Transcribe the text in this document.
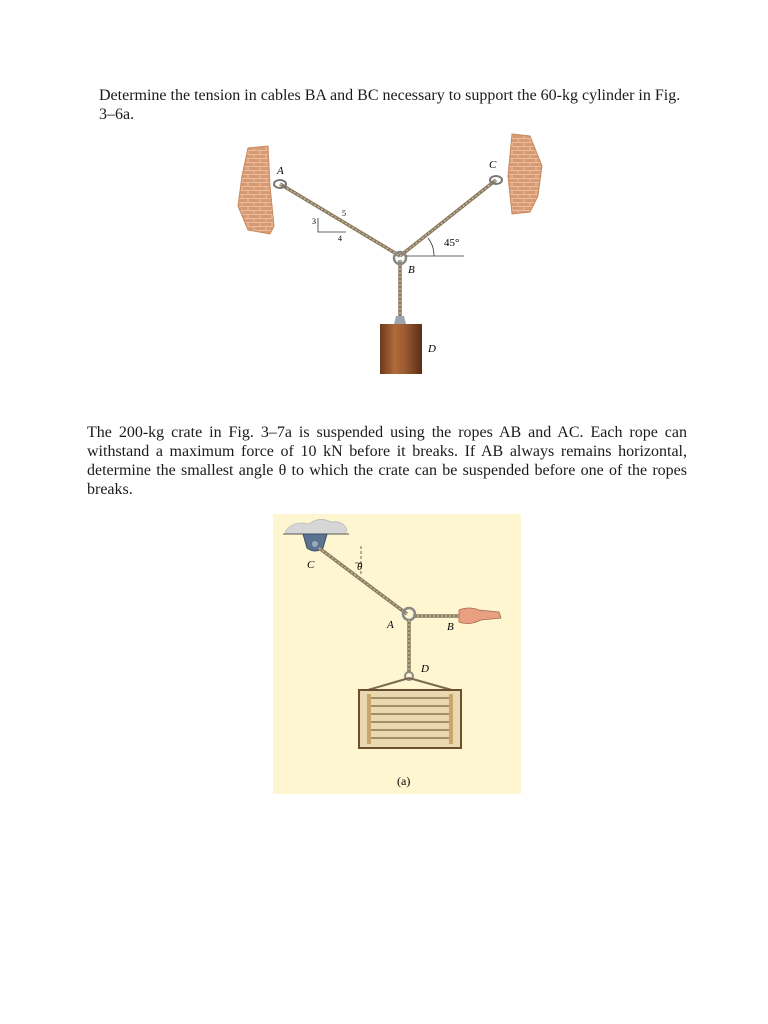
Determine the tension in cables BA and BC necessary to support the 60-kg cylinder in Fig. 3–6a.

3
4
5
45°
A	C
B
D

The 200-kg crate in Fig. 3–7a is suspended using the ropes AB and AC. Each rope can withstand a maximum force of 10 kN before it breaks. If AB always remains horizontal, determine the smallest angle θ to which the crate can be suspended before one of the ropes breaks.

C	θ
A	B
D
(a)
